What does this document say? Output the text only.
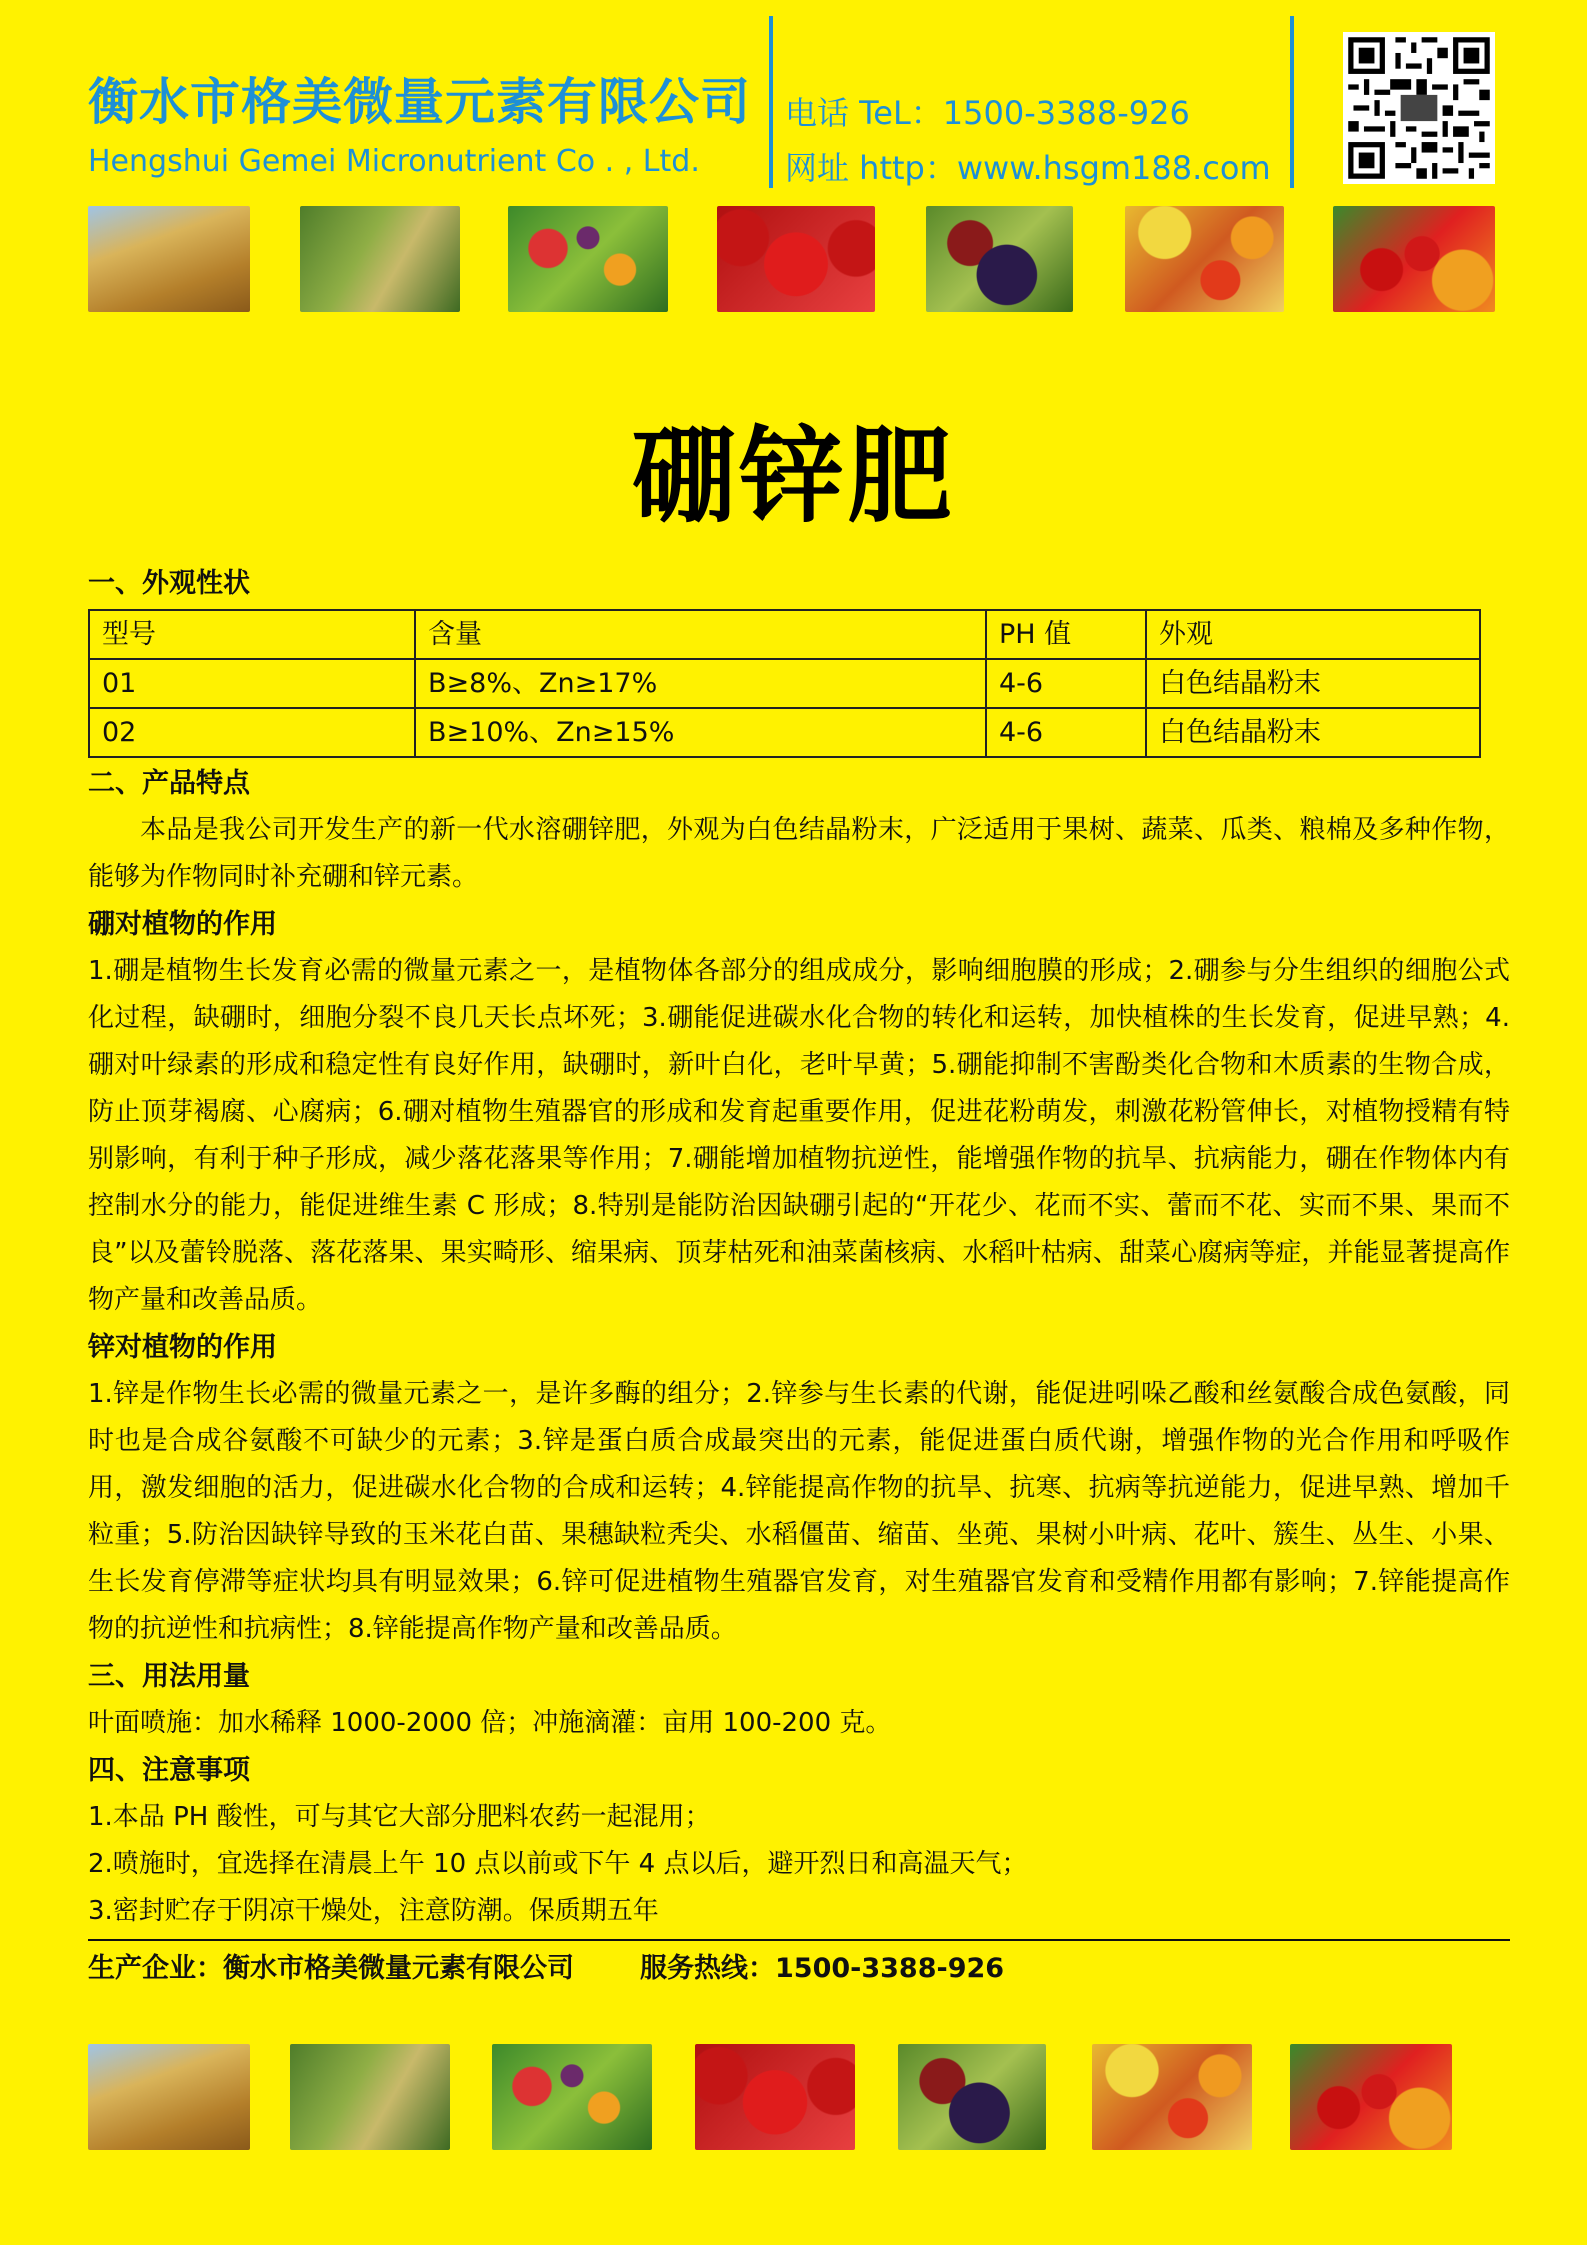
衡水市格美微量元素有限公司
Hengshui Gemei Micronutrient Co . , Ltd.
电话 TeL：1500-3388-926
网址 http：www.hsgm188.com
硼锌肥
一、外观性状
型号	含量	PH 值	外观
01	B≥8%、Zn≥17%	4-6	白色结晶粉末
02	B≥10%、Zn≥15%	4-6	白色结晶粉末
二、产品特点
本品是我公司开发生产的新一代水溶硼锌肥，外观为白色结晶粉末，广泛适用于果树、蔬菜、瓜类、粮棉及多种作物，能够为作物同时补充硼和锌元素。
硼对植物的作用
1.硼是植物生长发育必需的微量元素之一，是植物体各部分的组成成分，影响细胞膜的形成；2.硼参与分生组织的细胞公式化过程，缺硼时，细胞分裂不良几天长点坏死；3.硼能促进碳水化合物的转化和运转，加快植株的生长发育，促进早熟；4.硼对叶绿素的形成和稳定性有良好作用，缺硼时，新叶白化，老叶早黄；5.硼能抑制不害酚类化合物和木质素的生物合成，防止顶芽褐腐、心腐病；6.硼对植物生殖器官的形成和发育起重要作用，促进花粉萌发，刺激花粉管伸长，对植物授精有特别影响，有利于种子形成，减少落花落果等作用；7.硼能增加植物抗逆性，能增强作物的抗旱、抗病能力，硼在作物体内有控制水分的能力，能促进维生素 C 形成；8.特别是能防治因缺硼引起的“开花少、花而不实、蕾而不花、实而不果、果而不良”以及蕾铃脱落、落花落果、果实畸形、缩果病、顶芽枯死和油菜菌核病、水稻叶枯病、甜菜心腐病等症，并能显著提高作物产量和改善品质。
锌对植物的作用
1.锌是作物生长必需的微量元素之一，是许多酶的组分；2.锌参与生长素的代谢，能促进吲哚乙酸和丝氨酸合成色氨酸，同时也是合成谷氨酸不可缺少的元素；3.锌是蛋白质合成最突出的元素，能促进蛋白质代谢，增强作物的光合作用和呼吸作用，激发细胞的活力，促进碳水化合物的合成和运转；4.锌能提高作物的抗旱、抗寒、抗病等抗逆能力，促进早熟、增加千粒重；5.防治因缺锌导致的玉米花白苗、果穗缺粒秃尖、水稻僵苗、缩苗、坐蔸、果树小叶病、花叶、簇生、丛生、小果、生长发育停滞等症状均具有明显效果；6.锌可促进植物生殖器官发育，对生殖器官发育和受精作用都有影响；7.锌能提高作物的抗逆性和抗病性；8.锌能提高作物产量和改善品质。
三、用法用量
叶面喷施：加水稀释 1000-2000 倍；冲施滴灌：亩用 100-200 克。
四、注意事项
1.本品 PH 酸性，可与其它大部分肥料农药一起混用；
2.喷施时，宜选择在清晨上午 10 点以前或下午 4 点以后，避开烈日和高温天气；
3.密封贮存于阴凉干燥处，注意防潮。保质期五年
生产企业：衡水市格美微量元素有限公司 服务热线：1500-3388-926
